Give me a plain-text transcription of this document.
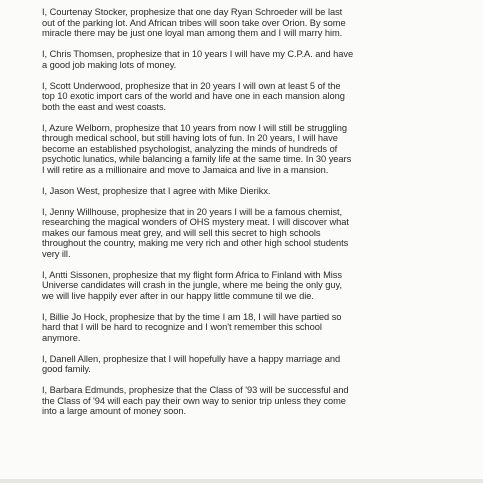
I, Courtenay Stocker, prophesize that one day Ryan Schroeder will be last
out of the parking lot. And African tribes will soon take over Orion. By some
miracle there may be just one loyal man among them and I will marry him.
I, Chris Thomsen, prophesize that in 10 years I will have my C.P.A. and have
a good job making lots of money.
I, Scott Underwood, prophesize that in 20 years I will own at least 5 of the
top 10 exotic import cars of the world and have one in each mansion along
both the east and west coasts.
I, Azure Welborn, prophesize that 10 years from now I will still be struggling
through medical school, but still having lots of fun. In 20 years, I will have
become an established psychologist, analyzing the minds of hundreds of
psychotic lunatics, while balancing a family life at the same time. In 30 years
I will retire as a millionaire and move to Jamaica and live in a mansion.
I, Jason West, prophesize that I agree with Mike Dierikx.
I, Jenny Willhouse, prophesize that in 20 years I will be a famous chemist,
researching the magical wonders of OHS mystery meat. I will discover what
makes our famous meat grey, and will sell this secret to high schools
throughout the country, making me very rich and other high school students
very ill.
I, Antti Sissonen, prophesize that my flight form Africa to Finland with Miss
Universe candidates will crash in the jungle, where me being the only guy,
we will live happily ever after in our happy little commune til we die.
I, Billie Jo Hock, prophesize that by the time I am 18, I will have partied so
hard that I will be hard to recognize and I won't remember this school
anymore.
I, Danell Allen, prophesize that I will hopefully have a happy marriage and
good family.
I, Barbara Edmunds, prophesize that the Class of '93 will be successful and
the Class of '94 will each pay their own way to senior trip unless they come
into a large amount of money soon.
